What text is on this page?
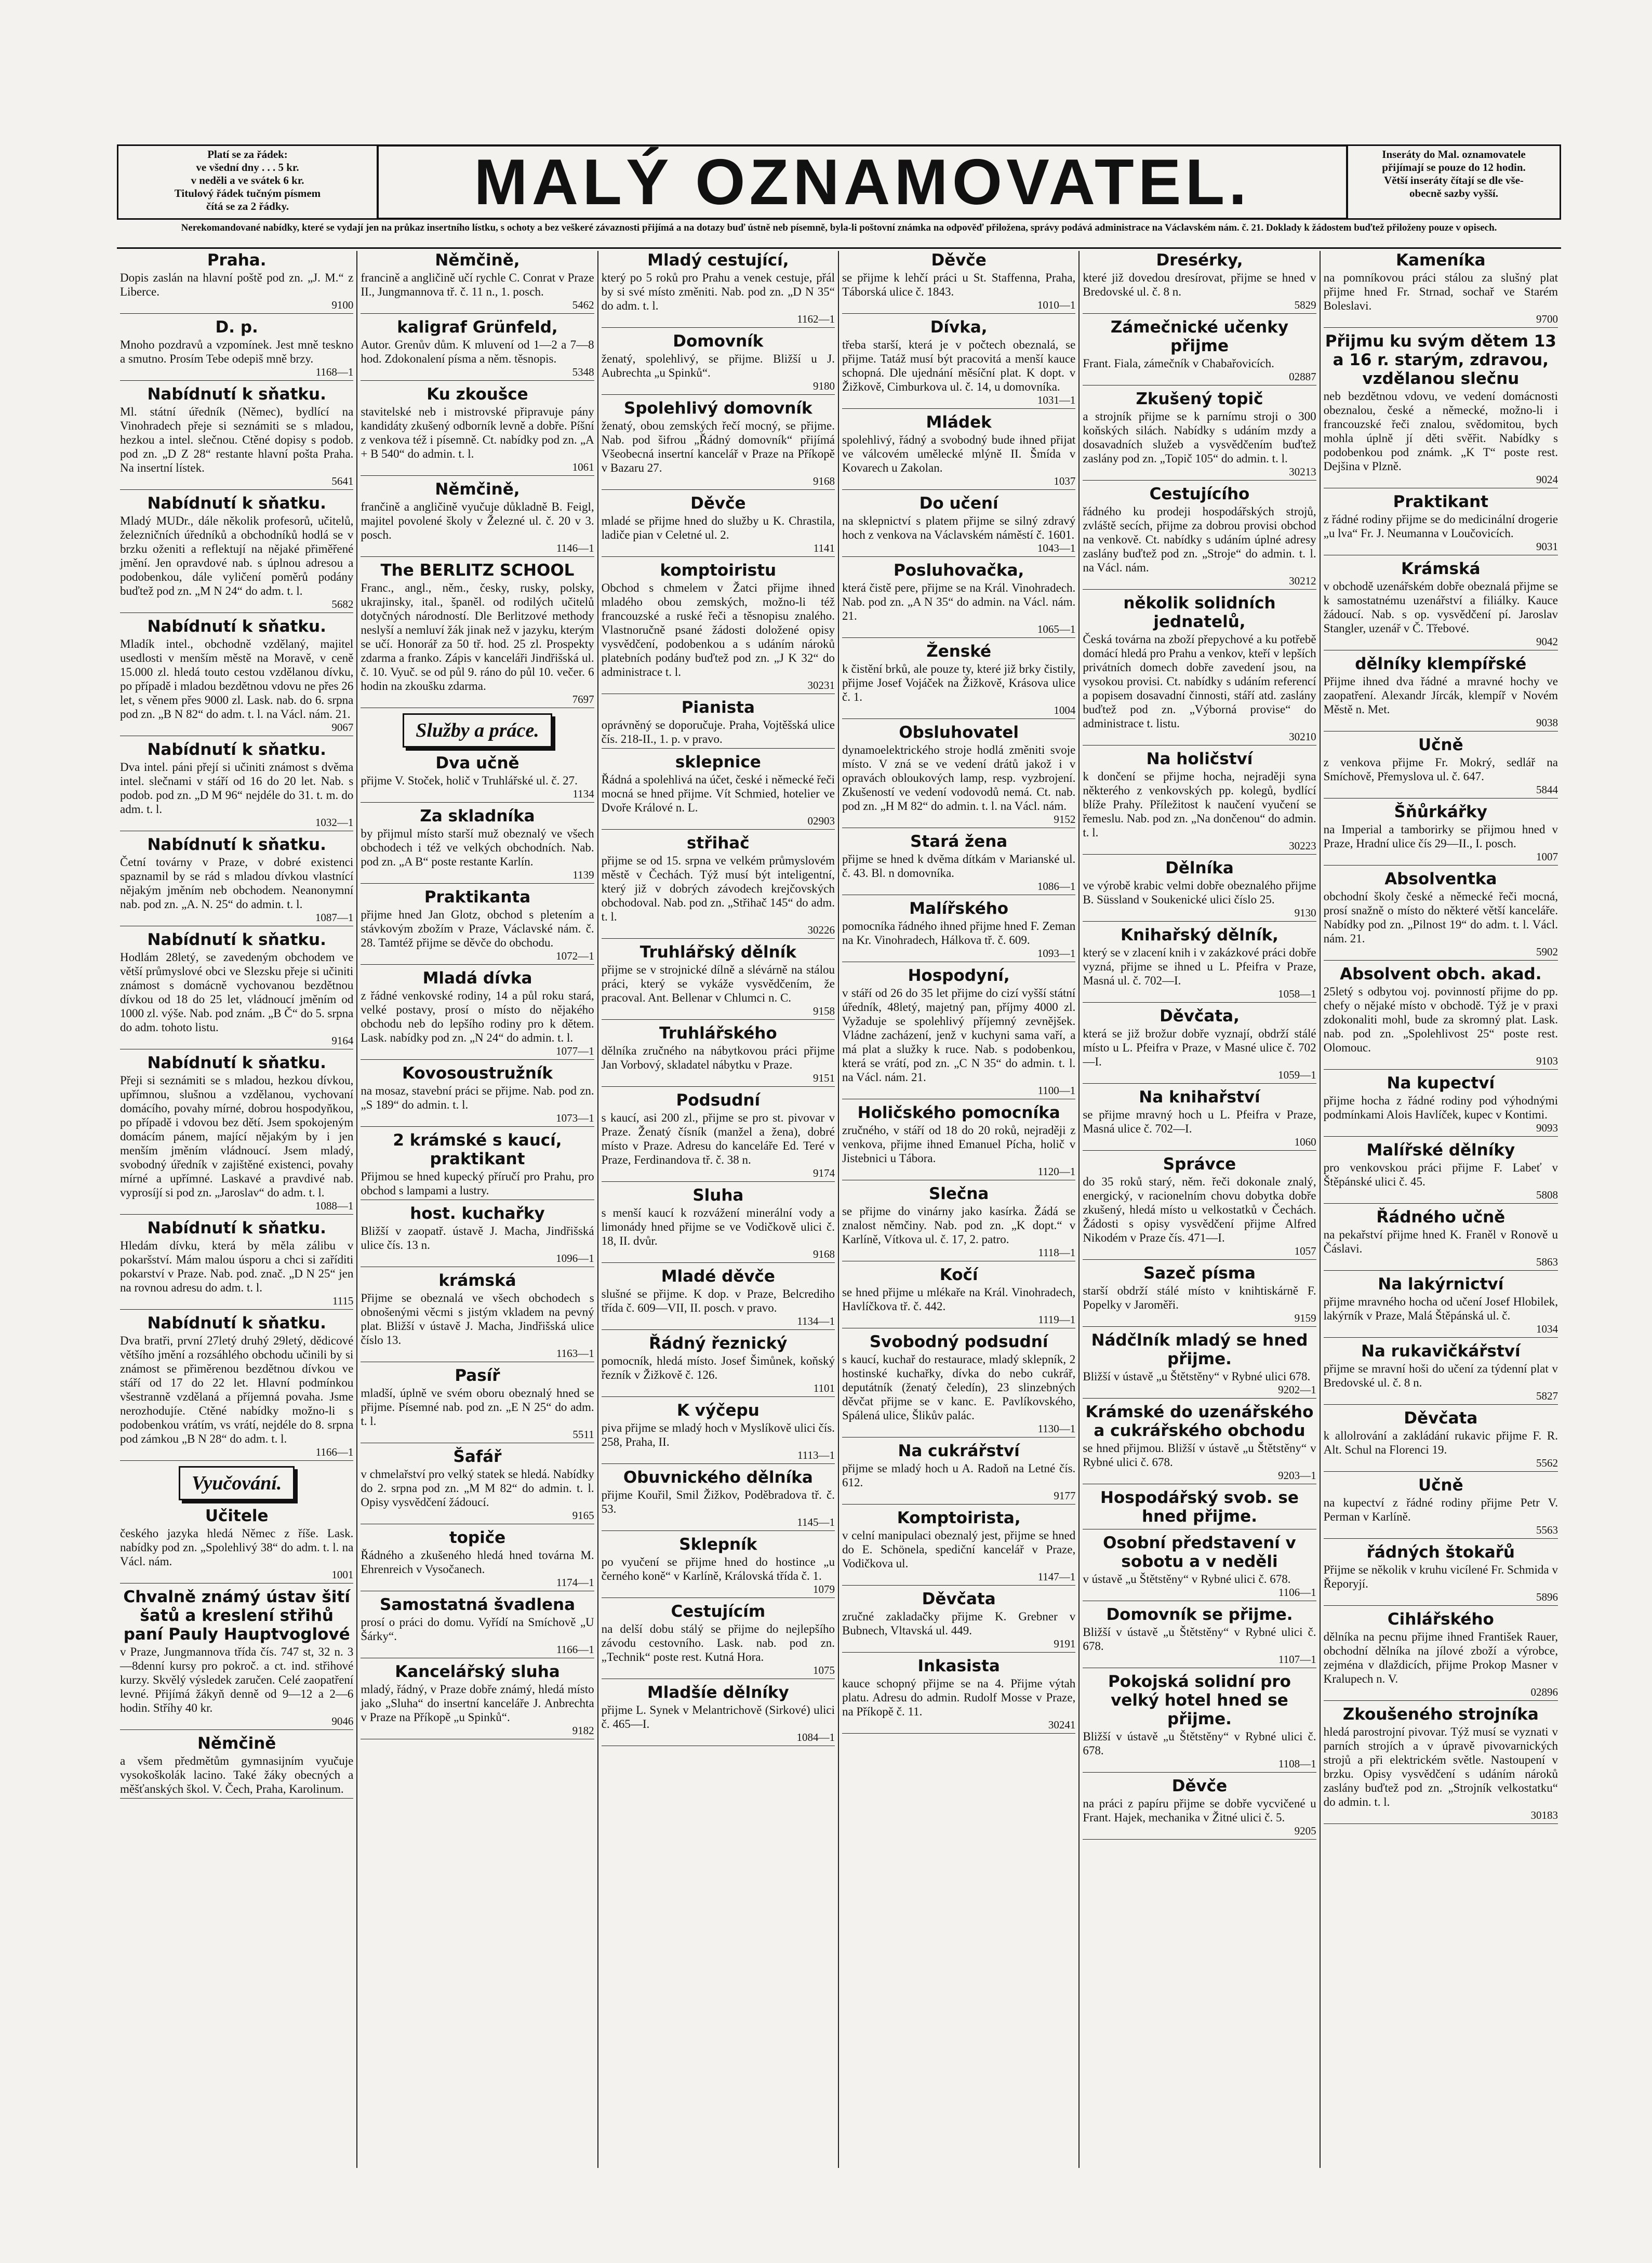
Platí se za řádek:
ve všední dny . . . 5 kr.
v neděli a ve svátek 6 kr.
Titulový řádek tučným písmem
čítá se za 2 řádky.	MALÝ OZNAMOVATEL.	Inseráty do Mal. oznamovatele
přijímají se pouze do 12 hodin.
Větší inseráty čítají se dle vše-
obecně sazby vyšší.
Nerekomandované nabídky, které se vydají jen na průkaz insertního lístku, s ochoty a bez veškeré závaznosti přijímá a na dotazy buď ústně neb písemně, byla-li poštovní známka na odpověď přiložena, správy podává administrace na Václavském nám. č. 21. Doklady k žádostem buďtež přiloženy pouze v opisech.
Praha.

Dopis zaslán na hlavní poště pod zn. „J. M.“ z Liberce.

9100
D. p.

Mnoho pozdravů a vzpomínek. Jest mně teskno a smutno. Prosím Tebe odepiš mně brzy.

1168—1
Nabídnutí k sňatku.

Ml. státní úředník (Němec), bydlící na Vinohradech přeje si seznámiti se s mladou, hezkou a intel. slečnou. Ctěné dopisy s podob. pod zn. „D Z 28“ restante hlavní pošta Praha. Na insertní lístek.

5641
Nabídnutí k sňatku.

Mladý MUDr., dále několik profesorů, učitelů, železničních úředníků a obchodníků hodlá se v brzku oženiti a reflektují na nějaké přiměřené jmění. Jen opravdové nab. s úplnou adresou a podobenkou, dále vyličení poměrů podány buďtež pod zn. „M N 24“ do adm. t. l.

5682
Nabídnutí k sňatku.

Mladík intel., obchodně vzdělaný, majitel usedlosti v menším městě na Moravě, v ceně 15.000 zl. hledá touto cestou vzdělanou dívku, po případě i mladou bezdětnou vdovu ne přes 26 let, s věnem přes 9000 zl. Lask. nab. do 6. srpna pod zn. „B N 82“ do adm. t. l. na Václ. nám. 21.

9067
Nabídnutí k sňatku.

Dva intel. páni přejí si učiniti známost s dvěma intel. slečnami v stáří od 16 do 20 let. Nab. s podob. pod zn. „D M 96“ nejdéle do 31. t. m. do adm. t. l.

1032—1
Nabídnutí k sňatku.

Četní továrny v Praze, v dobré existenci spaznamil by se rád s mladou dívkou vlastnící nějakým jměním neb obchodem. Neanonymní nab. pod zn. „A. N. 25“ do admin. t. l.

1087—1
Nabídnutí k sňatku.

Hodlám 28letý, se zavedeným obchodem ve větší průmyslové obci ve Slezsku přeje si učiniti známost s domácně vychovanou bezdětnou dívkou od 18 do 25 let, vládnoucí jměním od 1000 zl. výše. Nab. pod znám. „B Č“ do 5. srpna do adm. tohoto listu.

9164
Nabídnutí k sňatku.

Přeji si seznámiti se s mladou, hezkou dívkou, upřímnou, slušnou a vzdělanou, vychovaní domácího, povahy mírné, dobrou hospodyňkou, po případě i vdovou bez dětí. Jsem spokojeným domácím pánem, mající nějakým by i jen menším jměním vládnoucí. Jsem mladý, svobodný úředník v zajištěné existenci, povahy mírné a upřímné. Laskavé a pravdivé nab. vyprosíjí si pod zn. „Jaroslav“ do adm. t. l.

1088—1
Nabídnutí k sňatku.

Hledám dívku, která by měla zálibu v pokaršství. Mám malou úsporu a chci si zaříditi pokarství v Praze. Nab. pod. znač. „D N 25“ jen na rovnou adresu do adm. t. l.

1115
Nabídnutí k sňatku.

Dva bratři, první 27letý druhý 29letý, dědicové většího jmění a rozsáhlého obchodu učinili by si známost se přiměrenou bezdětnou dívkou ve stáří od 17 do 22 let. Hlavní podmínkou všestranně vzdělaná a příjemná povaha. Jsme nerozhodujíe. Ctěné nabídky možno-li s podobenkou vrátím, vs vrátí, nejdéle do 8. srpna pod zámkou „B N 28“ do adm. t. l.

1166—1
Vyučování.
Učitele

českého jazyka hledá Němec z říše. Lask. nabídky pod zn. „Spolehlivý 38“ do adm. t. l. na Václ. nám.

1001
Chvalně známý ústav šití šatů a kreslení střihů paní Pauly Hauptvoglové

v Praze, Jungmannova třída čís. 747 st, 32 n. 3—8denní kursy pro pokroč. a ct. ind. střihové kurzy. Skvělý výsledek zaručen. Celé zaopatření levné. Přijímá žákyň denně od 9—12 a 2—6 hodin. Stříhy 40 kr.

9046
Němčině

a všem předmětům gymnasijním vyučuje vysokoškolák lacino. Také žáky obecných a měšťanských škol. V. Čech, Praha, Karolinum.

Němčině,

francině a angličině učí rychle C. Conrat v Praze II., Jungmannova tř. č. 11 n., 1. posch.

5462
kaligraf Grünfeld,

Autor. Grenův dům. K mluvení od 1—2 a 7—8 hod. Zdokonalení písma a něm. těsnopis.

5348
Ku zkoušce

stavitelské neb i mistrovské připravuje pány kandidáty zkušený odborník levně a dobře. Píšní z venkova též i písemně. Ct. nabídky pod zn. „A + B 540“ do admin. t. l.

1061
Němčině,

frančině a angličině vyučuje důkladně B. Feigl, majitel povolené školy v Železné ul. č. 20 v 3. posch.

1146—1
The BERLITZ SCHOOL

Franc., angl., něm., česky, rusky, polsky, ukrajinsky, ital., španěl. od rodilých učitelů dotyčných národností. Dle Berlitzové methody neslyší a nemluví žák jinak než v jazyku, kterým se učí. Honorář za 50 tř. hod. 25 zl. Prospekty zdarma a franko. Zápis v kanceláři Jindřišská ul. č. 10. Vyuč. se od půl 9. ráno do půl 10. večer. 6 hodin na zkoušku zdarma.

7697
Služby a práce.
Dva učně

přijme V. Stoček, holič v Truhlářské ul. č. 27.

1134
Za skladníka

by přijmul místo starší muž obeznalý ve všech obchodech i též ve velkých obchodních. Nab. pod zn. „A B“ poste restante Karlín.

1139
Praktikanta

přijme hned Jan Glotz, obchod s pletením a stávkovým zbožím v Praze, Václavské nám. č. 28. Tamtéž přijme se děvče do obchodu.

1072—1
Mladá dívka

z řádné venkovské rodiny, 14 a půl roku stará, velké postavy, prosí o místo do nějakého obchodu neb do lepšího rodiny pro k dětem. Lask. nabídky pod zn. „N 24“ do admin. t. l.

1077—1
Kovosoustružník

na mosaz, stavební práci se přijme. Nab. pod zn. „S 189“ do admin. t. l.

1073—1
2 krámské s kaucí, praktikant

Přijmou se hned kupecký příručí pro Prahu, pro obchod s lampami a lustry.

host. kuchařky

Bližší v zaopatř. ústavě J. Macha, Jindřišská ulice čís. 13 n.

1096—1
krámská

Přijme se obeznalá ve všech obchodech s obnošenými věcmi s jistým vkladem na pevný plat. Bližší v ústavě J. Macha, Jindřišská ulice číslo 13.

1163—1
Pasíř

mladší, úplně ve svém oboru obeznalý hned se přijme. Písemné nab. pod zn. „E N 25“ do adm. t. l.

5511
Šafář

v chmelařství pro velký statek se hledá. Nabídky do 2. srpna pod zn. „M M 82“ do admin. t. l. Opisy vysvědčení žádoucí.

9165
topiče

Řádného a zkušeného hledá hned továrna M. Ehrenreich v Vysočanech.

1174—1
Samostatná švadlena

prosí o práci do domu. Vyřídí na Smíchově „U Šárky“.

1166—1
Kancelářský sluha

mladý, řádný, v Praze dobře známý, hledá místo jako „Sluha“ do insertní kanceláře J. Anbrechta v Praze na Příkopě „u Spinků“.

9182
Mladý cestující,

který po 5 roků pro Prahu a venek cestuje, přál by si své místo změniti. Nab. pod zn. „D N 35“ do adm. t. l.

1162—1
Domovník

ženatý, spolehlivý, se přijme. Bližší u J. Aubrechta „u Spinků“.

9180
Spolehlivý domovník

ženatý, obou zemských řečí mocný, se přijme. Nab. pod šifrou „Řádný domovník“ přijímá Všeobecná insertní kancelář v Praze na Příkopě v Bazaru 27.

9168
Děvče

mladé se přijme hned do služby u K. Chrastila, ladiče pian v Celetné ul. 2.

1141
komptoiristu

Obchod s chmelem v Žatci přijme ihned mladého obou zemských, možno-li též francouzské a ruské řeči a těsnopisu znalého. Vlastnoručně psané žádosti doložené opisy vysvědčení, podobenkou a s udáním nároků platebních podány buďtež pod zn. „J K 32“ do administrace t. l.

30231
Pianista

oprávněný se doporučuje. Praha, Vojtěšská ulice čís. 218-II., 1. p. v pravo.

sklepnice

Řádná a spolehlivá na účet, české i německé řeči mocná se hned přijme. Vít Schmied, hotelier ve Dvoře Králové n. L.

02903
střihač

přijme se od 15. srpna ve velkém průmyslovém městě v Čechách. Týž musí být inteligentní, který již v dobrých závodech krejčovských obchodoval. Nab. pod zn. „Střihač 145“ do adm. t. l.

30226
Truhlářský dělník

přijme se v strojnické dílně a slévárně na stálou práci, který se vykáže vysvědčením, že pracoval. Ant. Bellenar v Chlumci n. C.

9158
Truhlářského

dělníka zručného na nábytkovou práci přijme Jan Vorbový, skladatel nábytku v Praze.

9151
Podsudní

s kaucí, asi 200 zl., přijme se pro st. pivovar v Praze. Ženatý čísník (manžel a žena), dobré místo v Praze. Adresu do kanceláře Ed. Teré v Praze, Ferdinandova tř. č. 38 n.

9174
Sluha

s menší kaucí k rozvážení minerální vody a limonády hned přijme se ve Vodičkově ulici č. 18, II. dvůr.

9168
Mladé děvče

slušné se přijme. K dop. v Praze, Belcrediho třída č. 609—VII, II. posch. v pravo.

1134—1
Řádný řeznický

pomocník, hledá místo. Josef Šimůnek, koňský řezník v Žižkově č. 126.

1101
K výčepu

piva přijme se mladý hoch v Myslíkově ulici čís. 258, Praha, II.

1113—1
Obuvnického dělníka

přijme Kouřil, Smil Žižkov, Poděbradova tř. č. 53.

1145—1
Sklepník

po vyučení se přijme hned do hostince „u černého koně“ v Karlíně, Královská třída č. 1.

1079
Cestujícím

na delší dobu stálý se přijme do nejlepšího závodu cestovního. Lask. nab. pod zn. „Technik“ poste rest. Kutná Hora.

1075
Mladšíe dělníky

přijme L. Synek v Melantrichově (Sirkové) ulici č. 465—I.

1084—1
Děvče

se přijme k lehčí práci u St. Staffenna, Praha, Táborská ulice č. 1843.

1010—1
Dívka,

třeba starší, která je v počtech obeznalá, se přijme. Tatáž musí být pracovitá a menší kauce schopná. Dle ujednání měsíční plat. K dopt. v Žižkově, Cimburkova ul. č. 14, u domovníka.

1031—1
Mládek

spolehlivý, řádný a svobodný bude ihned přijat ve válcovém umělecké mlýně II. Šmída v Kovarech u Zakolan.

1037
Do učení

na sklepnictví s platem přijme se silný zdravý hoch z venkova na Václavském náměstí č. 1601.

1043—1
Posluhovačka,

která čistě pere, přijme se na Král. Vinohradech. Nab. pod zn. „A N 35“ do admin. na Václ. nám. 21.

1065—1
Ženské

k čistění brků, ale pouze ty, které již brky čistily, přijme Josef Vojáček na Žižkově, Krásova ulice č. 1.

1004
Obsluhovatel

dynamoelektrického stroje hodlá změniti svoje místo. V zná se ve vedení drátů jakož i v opravách obloukových lamp, resp. vyzbrojení. Zkušeností ve vedení vodovodů nemá. Ct. nab. pod zn. „H M 82“ do admin. t. l. na Václ. nám.

9152
Stará žena

přijme se hned k dvěma dítkám v Marianské ul. č. 43. Bl. n domovníka.

1086—1
Malířského

pomocníka řádného ihned přijme hned F. Zeman na Kr. Vinohradech, Hálkova tř. č. 609.

1093—1
Hospodyní,

v stáří od 26 do 35 let přijme do cizí vyšší státní úředník, 48letý, majetný pan, příjmy 4000 zl. Vyžaduje se spolehlivý příjemný zevnějšek. Vládne zacházení, jenž v kuchyni sama vaří, a má plat a služky k ruce. Nab. s podobenkou, která se vrátí, pod zn. „C N 35“ do admin. t. l. na Václ. nám. 21.

1100—1
Holičského pomocníka

zručného, v stáří od 18 do 20 roků, nejraději z venkova, přijme ihned Emanuel Pícha, holič v Jistebnici u Tábora.

1120—1
Slečna

se přijme do vinárny jako kasírka. Žádá se znalost němčiny. Nab. pod zn. „K dopt.“ v Karlíně, Vítkova ul. č. 17, 2. patro.

1118—1
Kočí

se hned přijme u mlékaře na Král. Vinohradech, Havlíčkova tř. č. 442.

1119—1
Svobodný podsudní

s kaucí, kuchař do restaurace, mladý sklepník, 2 hostinské kuchařky, dívka do nebo cukrář, deputátník (ženatý čeledín), 23 slinzebných děvčat přijme se v kanc. E. Pavlíkovského, Spálená ulice, Šlikův palác.

1130—1
Na cukrářství

přijme se mladý hoch u A. Radoň na Letné čís. 612.

9177
Komptoirista,

v celní manipulaci obeznalý jest, přijme se hned do E. Schönela, spediční kancelář v Praze, Vodičkova ul.

1147—1
Děvčata

zručné zakladačky přijme K. Grebner v Bubnech, Vltavská ul. 449.

9191
Inkasista

kauce schopný přijme se na 4. Přijme výtah platu. Adresu do admin. Rudolf Mosse v Praze, na Příkopě č. 11.

30241
Dresérky,

které již dovedou dresírovat, přijme se hned v Bredovské ul. č. 8 n.

5829
Zámečnické učenky přijme

Frant. Fiala, zámečník v Chabařovicích.

02887
Zkušený topič

a strojník přijme se k parnímu stroji o 300 koňských silách. Nabídky s udáním mzdy a dosavadních služeb a vysvědčením buďtež zaslány pod zn. „Topič 105“ do admin. t. l.

30213
Cestujícího

řádného ku prodeji hospodářských strojů, zvláště secích, přijme za dobrou provisi obchod na venkově. Ct. nabídky s udáním úplné adresy zaslány buďtež pod zn. „Stroje“ do admin. t. l. na Václ. nám.

30212
několik solidních jednatelů,

Česká továrna na zboží přepychové a ku potřebě domácí hledá pro Prahu a venkov, kteří v lepších privátních domech dobře zavedení jsou, na vysokou provisi. Ct. nabídky s udáním referencí a popisem dosavadní činnosti, stáří atd. zaslány buďtež pod zn. „Výborná provise“ do administrace t. listu.

30210
Na holičství

k dončení se přijme hocha, nejraději syna některého z venkovských pp. kolegů, bydlící blíže Prahy. Příležitost k naučení vyučení se řemeslu. Nab. pod zn. „Na dončenou“ do admin. t. l.

30223
Dělníka

ve výrobě krabic velmi dobře obeznalého přijme B. Süssland v Soukenické ulici číslo 25.

9130
Knihařský dělník,

který se v zlacení knih i v zakázkové práci dobře vyzná, přijme se ihned u L. Pfeifra v Praze, Masná ul. č. 702—I.

1058—1
Děvčata,

která se již brožur dobře vyznají, obdrží stálé místo u L. Pfeifra v Praze, v Masné ulice č. 702—I.

1059—1
Na knihařství

se přijme mravný hoch u L. Pfeifra v Praze, Masná ulice č. 702—I.

1060
Správce

do 35 roků starý, něm. řeči dokonale znalý, energický, v racionelním chovu dobytka dobře zkušený, hledá místo u velkostatků v Čechách. Žádosti s opisy vysvědčení přijme Alfred Nikodém v Praze čís. 471—I.

1057
Sazeč písma

starší obdrží stálé místo v knihtiskárně F. Popelky v Jaroměři.

9159
Nádčlník mladý se hned přijme.

Bližší v ústavě „u Štětstěny“ v Rybné ulici 678.

9202—1
Krámské do uzenářského a cukrářského obchodu

se hned přijmou. Bližší v ústavě „u Štětstěny“ v Rybné ulici č. 678.

9203—1
Hospodářský svob. se hned přijme.
Osobní představení v sobotu a v neděli

v ústavě „u Štětstěny“ v Rybné ulici č. 678.

1106—1
Domovník se přijme.

Bližší v ústavě „u Štětstěny“ v Rybné ulici č. 678.

1107—1
Pokojská solidní pro velký hotel hned se přijme.

Bližší v ústavě „u Štětstěny“ v Rybné ulici č. 678.

1108—1
Děvče

na práci z papíru přijme se dobře vycvičené u Frant. Hajek, mechanika v Žitné ulici č. 5.

9205
Kameníka

na pomníkovou práci stálou za slušný plat přijme hned Fr. Strnad, sochař ve Starém Boleslavi.

9700
Přijmu ku svým dětem 13 a 16 r. starým, zdravou, vzdělanou slečnu

neb bezdětnou vdovu, ve vedení domácnosti obeznalou, české a německé, možno-li i francouzské řeči znalou, svědomitou, bych mohla úplně jí děti svěřit. Nabídky s podobenkou pod známk. „K T“ poste rest. Dejšina v Plzně.

9024
Praktikant

z řádné rodiny přijme se do medicinální drogerie „u lva“ Fr. J. Neumanna v Loučovicích.

9031
Krámská

v obchodě uzenářském dobře obeznalá přijme se k samostatnému uzenářství a filiálky. Kauce žádoucí. Nab. s op. vysvědčení pí. Jaroslav Stangler, uzenář v Č. Třebové.

9042
dělníky klempířské

Přijme ihned dva řádné a mravné hochy ve zaopatření. Alexandr Jírcák, klempíř v Novém Městě n. Met.

9038
Učně

z venkova přijme Fr. Mokrý, sedlář na Smíchově, Přemyslova ul. č. 647.

5844
Šňůrkářky

na Imperial a tamborirky se přijmou hned v Praze, Hradní ulice čís 29—II., I. posch.

1007
Absolventka

obchodní školy české a německé řeči mocná, prosí snažně o místo do některé větší kanceláře. Nabídky pod zn. „Pilnost 19“ do adm. t. l. Václ. nám. 21.

5902
Absolvent obch. akad.

25letý s odbytou voj. povinností přijme do pp. chefy o nějaké místo v obchodě. Týž je v praxi zdokonaliti mohl, bude za skromný plat. Lask. nab. pod zn. „Spolehlivost 25“ poste rest. Olomouc.

9103
Na kupectví

přijme hocha z řádné rodiny pod výhodnými podmínkami Alois Havlíček, kupec v Kontimi.

9093
Malířské dělníky

pro venkovskou práci přijme F. Labeť v Štěpánské ulici č. 45.

5808
Řádného učně

na pekařství přijme hned K. Franěl v Ronově u Čáslavi.

5863
Na lakýrnictví

přijme mravného hocha od učení Josef Hlobilek, lakýrník v Praze, Malá Štěpánská ul. č.

1034
Na rukavičkářství

přijme se mravní hoši do učení za týdenní plat v Bredovské ul. č. 8 n.

5827
Děvčata

k allolrování a zakládání rukavic přijme F. R. Alt. Schul na Florenci 19.

5562
Učně

na kupectví z řádné rodiny přijme Petr V. Perman v Karlíně.

5563
řádných štokařů

Přijme se několik v kruhu vicílené Fr. Schmida v Řeporyjí.

5896
Cihlářského

dělníka na pecnu přijme ihned František Rauer, obchodní dělníka na jílové zboží a výrobce, zejména v dlaždicích, přijme Prokop Masner v Kralupech n. V.

02896
Zkoušeného strojníka

hledá parostrojní pivovar. Týž musí se vyznati v parních strojích a v úpravě pivovarnických strojů a při elektrickém světle. Nastoupení v brzku. Opisy vysvědčení s udáním nároků zaslány buďtež pod zn. „Strojník velkostatku“ do admin. t. l.

30183
